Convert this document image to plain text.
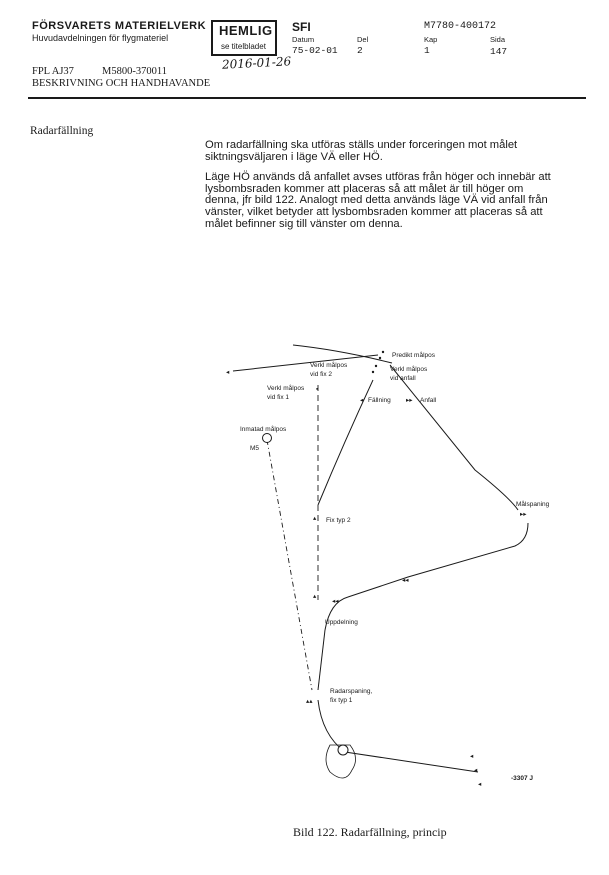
FÖRSVARETS MATERIELVERK
Huvudavdelningen för flygmateriel	HEMLIG
se titelbladet
2016-01-26
SFI
Datum
75-02-01
Del
2
M7780-400172
Kap
1
Sida
147
FPL AJ37	M5800-370011
BESKRIVNING OCH HANDHAVANDE
Radarfällning

Om radarfällning ska utföras ställs under forceringen mot målet siktningsväljaren i läge VÄ eller HÖ.

Läge HÖ används då anfallet avses utföras från höger och innebär att lysbombsraden kommer att placeras så att målet är till höger om denna, jfr bild 122. Analogt med detta används läge VÄ vid anfall från vänster, vilket betyder att lysbombsraden kommer att placeras så att målet befinner sig till vänster om denna.

◂
▪
◂	▸▸
▸▸
◂◂
◂◂
▴
▴
▴▴
◂
◂
◂
Predikt målpos
Verkl målpos
vid anfall
Verkl målpos
vid fix 2
Verkl målpos
vid fix 1	Fällning	Anfall
Inmatad målpos
M5
Målspaning
Fix typ 2
Uppdelning
Radarspaning,
fix typ 1
-3307 J
Bild 122. Radarfällning, princip
